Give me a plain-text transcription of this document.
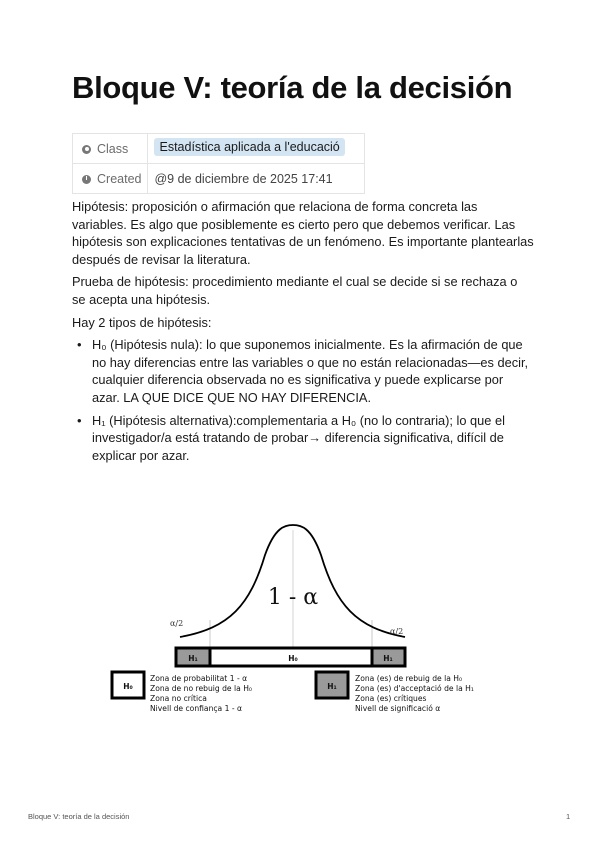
Bloque V: teoría de la decisión
Class	Estadística aplicada a l'educació
Created	@9 de diciembre de 2025 17:41

Hipótesis: proposición o afirmación que relaciona de forma concreta las variables. Es algo que posiblemente es cierto pero que debemos verificar. Las hipótesis son explicaciones tentativas de un fenómeno. Es importante plantearlas después de revisar la literatura.

Prueba de hipótesis: procedimiento mediante el cual se decide si se rechaza o se acepta una hipótesis.

Hay 2 tipos de hipótesis:

• H₀ (Hipótesis nula): lo que suponemos inicialmente. Es la afirmación de que no hay diferencias entre las variables o que no están relacionadas—es decir, cualquier diferencia observada no es significativa y puede explicarse por azar. LA QUE DICE QUE NO HAY DIFERENCIA.
• H₁ (Hipótesis alternativa):complementaria a H₀ (no lo contraria); lo que el investigador/a está tratando de probar→ diferencia significativa, difícil de explicar por azar.
1 - α
α/2
α/2
H₁	H₀	H₁
H₀
Zona de probabilitat 1 - α Zona de no rebuig de la H₀ Zona no crítica Nivell de confiança 1 - α
H₁
Zona (es) de rebuig de la H₀ Zona (es) d'acceptació de la H₁ Zona (es) crítiques Nivell de significació α
Bloque V: teoría de la decisión	1
